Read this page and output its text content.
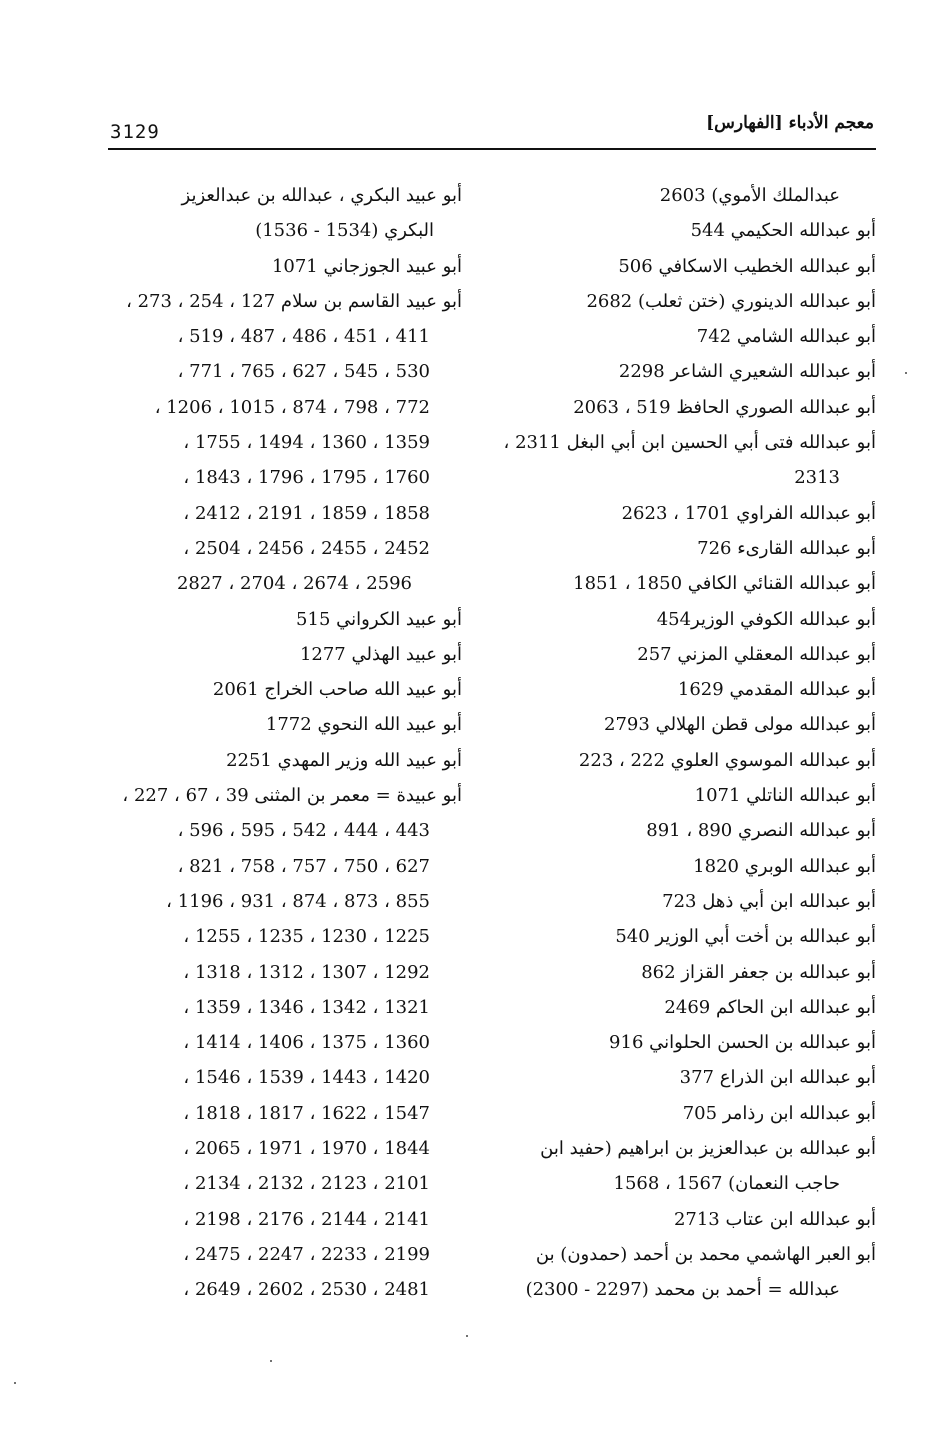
معجم الأدباء [الفهارس]
3129
عبدالملك الأموي) 2603
أبو عبدالله الحكيمي 544
أبو عبدالله الخطيب الاسكافي 506
أبو عبدالله الدينوري (ختن ثعلب) 2682
أبو عبدالله الشامي 742
أبو عبدالله الشعيري الشاعر 2298
أبو عبدالله الصوري الحافظ 519 ، 2063
أبو عبدالله فتى أبي الحسين ابن أبي البغل 2311 ،
2313
أبو عبدالله الفراوي 1701 ، 2623
أبو عبدالله القارىء 726
أبو عبدالله القنائي الكافي 1850 ، 1851
أبو عبدالله الكوفي الوزير454
أبو عبدالله المعقلي المزني 257
أبو عبدالله المقدمي 1629
أبو عبدالله مولى قطن الهلالي 2793
أبو عبدالله الموسوي العلوي 222 ، 223
أبو عبدالله الناتلي 1071
أبو عبدالله النصري 890 ، 891
أبو عبدالله الوبري 1820
أبو عبدالله ابن أبي ذهل 723
أبو عبدالله بن أخت أبي الوزير 540
أبو عبدالله بن جعفر القزاز 862
أبو عبدالله ابن الحاكم 2469
أبو عبدالله بن الحسن الحلواني 916
أبو عبدالله ابن الذراع 377
أبو عبدالله ابن رذامر 705
أبو عبدالله بن عبدالعزيز بن ابراهيم (حفيد ابن
حاجب النعمان) 1567 ، 1568
أبو عبدالله ابن عتاب 2713
أبو العبر الهاشمي محمد بن أحمد (حمدون) بن
عبدالله = أحمد بن محمد (2297 - 2300)
أبو عبيد البكري ، عبدالله بن عبدالعزيز
البكري (1534 - 1536)
أبو عبيد الجوزجاني 1071
أبو عبيد القاسم بن سلام 127 ، 254 ، 273 ،
411 ، 451 ، 486 ، 487 ، 519 ،
530 ، 545 ، 627 ، 765 ، 771 ،
772 ، 798 ، 874 ، 1015 ، 1206 ،
1359 ، 1360 ، 1494 ، 1755 ،
1760 ، 1795 ، 1796 ، 1843 ،
1858 ، 1859 ، 2191 ، 2412 ،
2452 ، 2455 ، 2456 ، 2504 ،
2596 ، 2674 ، 2704 ، 2827
أبو عبيد الكرواني 515
أبو عبيد الهذلي 1277
أبو عبيد الله صاحب الخراج 2061
أبو عبيد الله النحوي 1772
أبو عبيد الله وزير المهدي 2251
أبو عبيدة = معمر بن المثنى 39 ، 67 ، 227 ،
443 ، 444 ، 542 ، 595 ، 596 ،
627 ، 750 ، 757 ، 758 ، 821 ،
855 ، 873 ، 874 ، 931 ، 1196 ،
1225 ، 1230 ، 1235 ، 1255 ،
1292 ، 1307 ، 1312 ، 1318 ،
1321 ، 1342 ، 1346 ، 1359 ،
1360 ، 1375 ، 1406 ، 1414 ،
1420 ، 1443 ، 1539 ، 1546 ،
1547 ، 1622 ، 1817 ، 1818 ،
1844 ، 1970 ، 1971 ، 2065 ،
2101 ، 2123 ، 2132 ، 2134 ،
2141 ، 2144 ، 2176 ، 2198 ،
2199 ، 2233 ، 2247 ، 2475 ،
2481 ، 2530 ، 2602 ، 2649 ،
